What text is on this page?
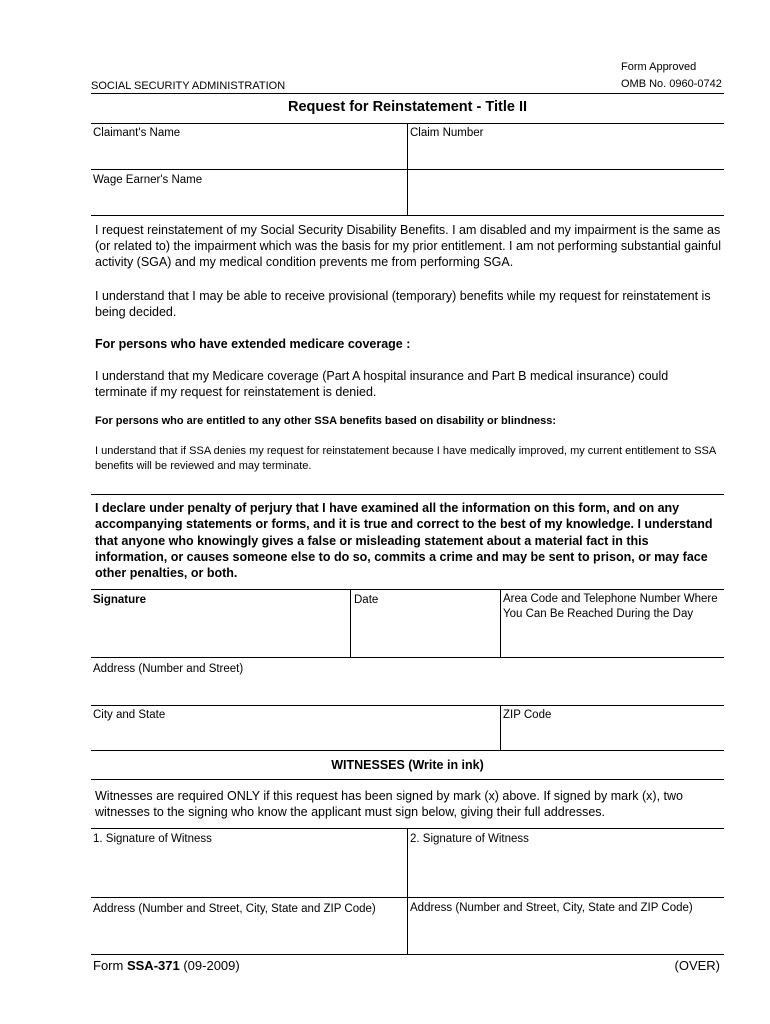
Form Approved
OMB No. 0960-0742
SOCIAL SECURITY ADMINISTRATION
Request for Reinstatement - Title II
Claimant's Name	Claim Number
Wage Earner's Name
I request reinstatement of my Social Security Disability Benefits. I am disabled and my impairment is the same as (or related to) the impairment which was the basis for my prior entitlement. I am not performing substantial gainful activity (SGA) and my medical condition prevents me from performing SGA.
I understand that I may be able to receive provisional (temporary) benefits while my request for reinstatement is being decided.
For persons who have extended medicare coverage :
I understand that my Medicare coverage (Part A hospital insurance and Part B medical insurance) could terminate if my request for reinstatement is denied.
For persons who are entitled to any other SSA benefits based on disability or blindness:
I understand that if SSA denies my request for reinstatement because I have medically improved, my current entitlement to SSA benefits will be reviewed and may terminate.
I declare under penalty of perjury that I have examined all the information on this form, and on any accompanying statements or forms, and it is true and correct to the best of my knowledge. I understand that anyone who knowingly gives a false or misleading statement about a material fact in this information, or causes someone else to do so, commits a crime and may be sent to prison, or may face other penalties, or both.
Signature	Date	Area Code and Telephone Number Where You Can Be Reached During the Day
Address (Number and Street)
City and State	ZIP Code
WITNESSES (Write in ink)
Witnesses are required ONLY if this request has been signed by mark (x) above. If signed by mark (x), two witnesses to the signing who know the applicant must sign below, giving their full addresses.
1. Signature of Witness	2. Signature of Witness
Address (Number and Street, City, State and ZIP Code)	Address (Number and Street, City, State and ZIP Code)
Form SSA-371 (09-2009)	(OVER)
